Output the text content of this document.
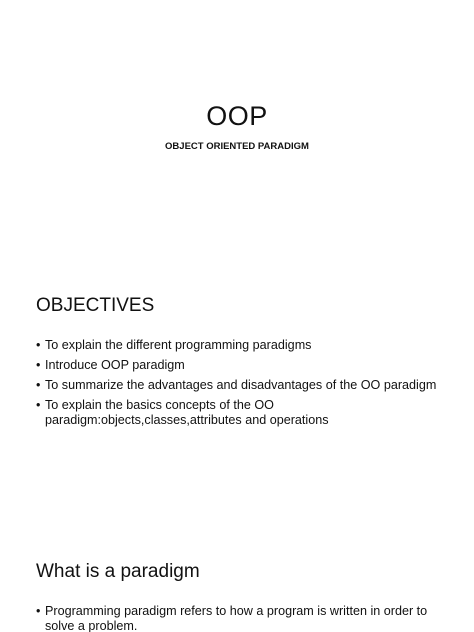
OOP
OBJECT ORIENTED PARADIGM
OBJECTIVES
• To explain the different programming paradigms
• Introduce OOP paradigm
• To summarize the advantages and disadvantages of the OO paradigm
• To explain the basics concepts of the OO paradigm:objects,classes,attributes and operations
What is a paradigm
• Programming paradigm refers to how a program is written in order to solve a problem.
